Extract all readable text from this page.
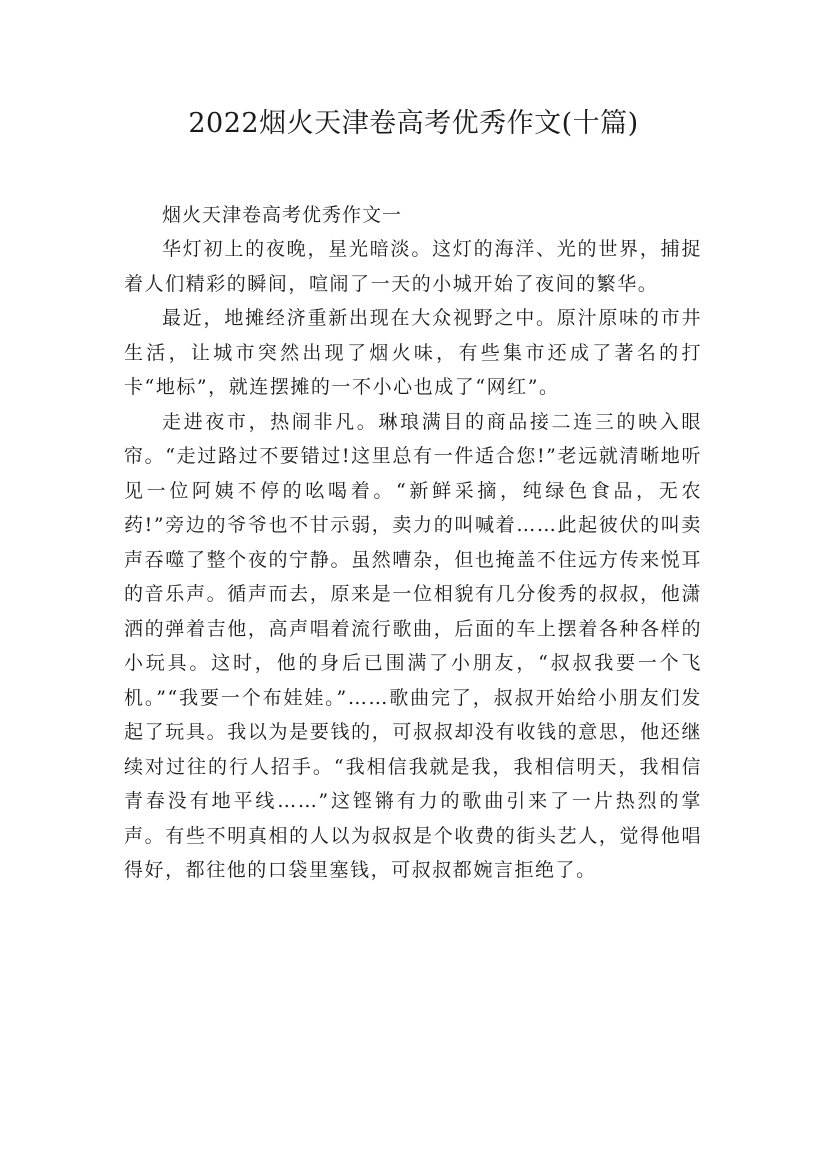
2022烟火天津卷高考优秀作文(十篇)

烟火天津卷高考优秀作文一

华灯初上的夜晚，星光暗淡。这灯的海洋、光的世界，捕捉着人们精彩的瞬间，喧闹了一天的小城开始了夜间的繁华。

最近，地摊经济重新出现在大众视野之中。原汁原味的市井生活，让城市突然出现了烟火味，有些集市还成了著名的打卡“地标”，就连摆摊的一不小心也成了“网红”。

走进夜市，热闹非凡。琳琅满目的商品接二连三的映入眼帘。“走过路过不要错过!这里总有一件适合您!”老远就清晰地听见一位阿姨不停的吆喝着。“新鲜采摘，纯绿色食品，无农药!”旁边的爷爷也不甘示弱，卖力的叫喊着……此起彼伏的叫卖声吞噬了整个夜的宁静。虽然嘈杂，但也掩盖不住远方传来悦耳的音乐声。循声而去，原来是一位相貌有几分俊秀的叔叔，他潇洒的弹着吉他，高声唱着流行歌曲，后面的车上摆着各种各样的小玩具。这时，他的身后已围满了小朋友，“叔叔我要一个飞机。”“我要一个布娃娃。”……歌曲完了，叔叔开始给小朋友们发起了玩具。我以为是要钱的，可叔叔却没有收钱的意思，他还继续对过往的行人招手。“我相信我就是我，我相信明天，我相信青春没有地平线……”这铿锵有力的歌曲引来了一片热烈的掌声。有些不明真相的人以为叔叔是个收费的街头艺人，觉得他唱得好，都往他的口袋里塞钱，可叔叔都婉言拒绝了。
